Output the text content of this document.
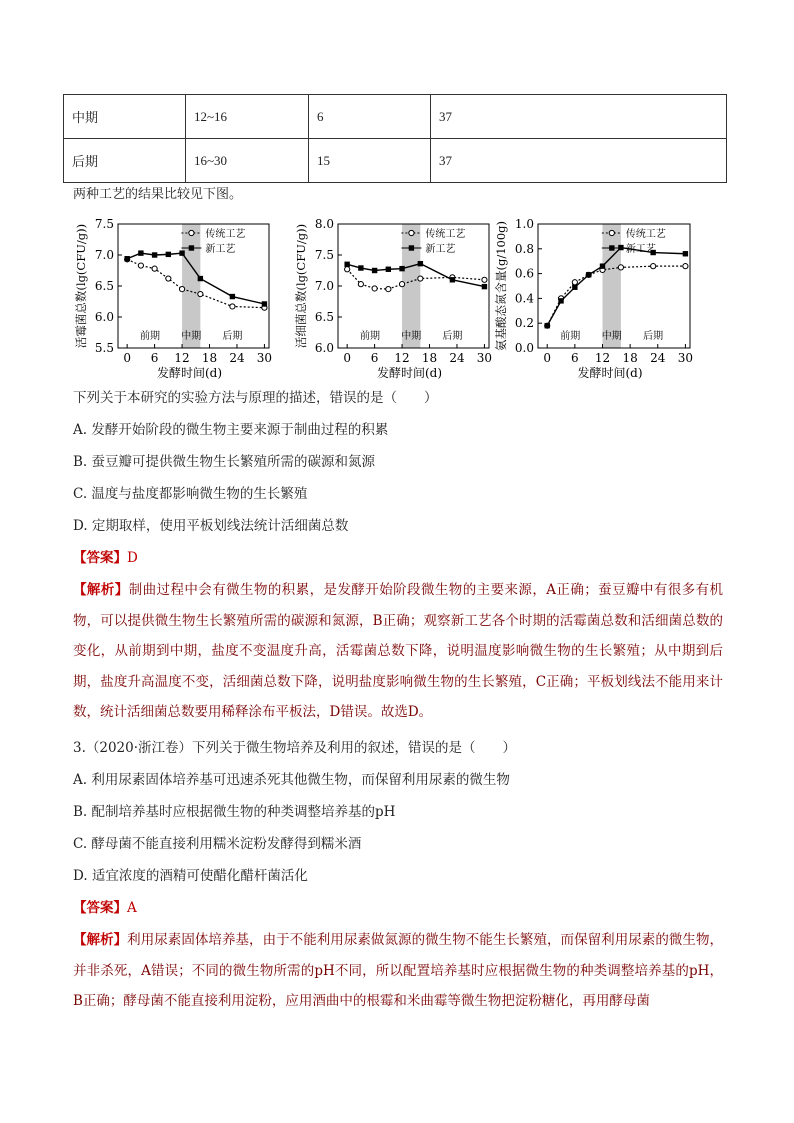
中期	12~16	6	37
后期	16~30	15	37
两种工艺的结果比较见下图。
5.5
6.0
6.5
7.0
7.5
0 6 12 18 24 30
前期 中期 后期
发酵时间(d)
活霉菌总数(lg(CFU/g))	传统工艺
新工艺
6.0
6.5
7.0
7.5
8.0
0 6 12 18 24 30
前期 中期 后期
发酵时间(d)
活细菌总数(lg(CFU/g))	传统工艺
新工艺
0.0
0.2
0.4
0.6
0.8
1.0
0 6 12 18 24 30
前期 中期 后期
发酵时间(d)
氨基酸态氮含量(g/100g)	传统工艺
新工艺
下列关于本研究的实验方法与原理的描述，错误的是（　　）
A. 发酵开始阶段的微生物主要来源于制曲过程的积累
B. 蚕豆瓣可提供微生物生长繁殖所需的碳源和氮源
C. 温度与盐度都影响微生物的生长繁殖
D. 定期取样，使用平板划线法统计活细菌总数
【答案】D
【解析】制曲过程中会有微生物的积累，是发酵开始阶段微生物的主要来源，A正确；蚕豆瓣中有很多有机物，可以提供微生物生长繁殖所需的碳源和氮源，B正确；观察新工艺各个时期的活霉菌总数和活细菌总数的变化，从前期到中期，盐度不变温度升高，活霉菌总数下降，说明温度影响微生物的生长繁殖；从中期到后期，盐度升高温度不变，活细菌总数下降，说明盐度影响微生物的生长繁殖，C正确；平板划线法不能用来计数，统计活细菌总数要用稀释涂布平板法，D错误。故选D。
3.（2020·浙江卷）下列关于微生物培养及利用的叙述，错误的是（　　）
A. 利用尿素固体培养基可迅速杀死其他微生物，而保留利用尿素的微生物
B. 配制培养基时应根据微生物的种类调整培养基的pH
C. 酵母菌不能直接利用糯米淀粉发酵得到糯米酒
D. 适宜浓度的酒精可使醋化醋杆菌活化
【答案】A
【解析】利用尿素固体培养基，由于不能利用尿素做氮源的微生物不能生长繁殖，而保留利用尿素的微生物，并非杀死，A错误；不同的微生物所需的pH不同，所以配置培养基时应根据微生物的种类调整培养基的pH，B正确；酵母菌不能直接利用淀粉，应用酒曲中的根霉和米曲霉等微生物把淀粉糖化，再用酵母菌
